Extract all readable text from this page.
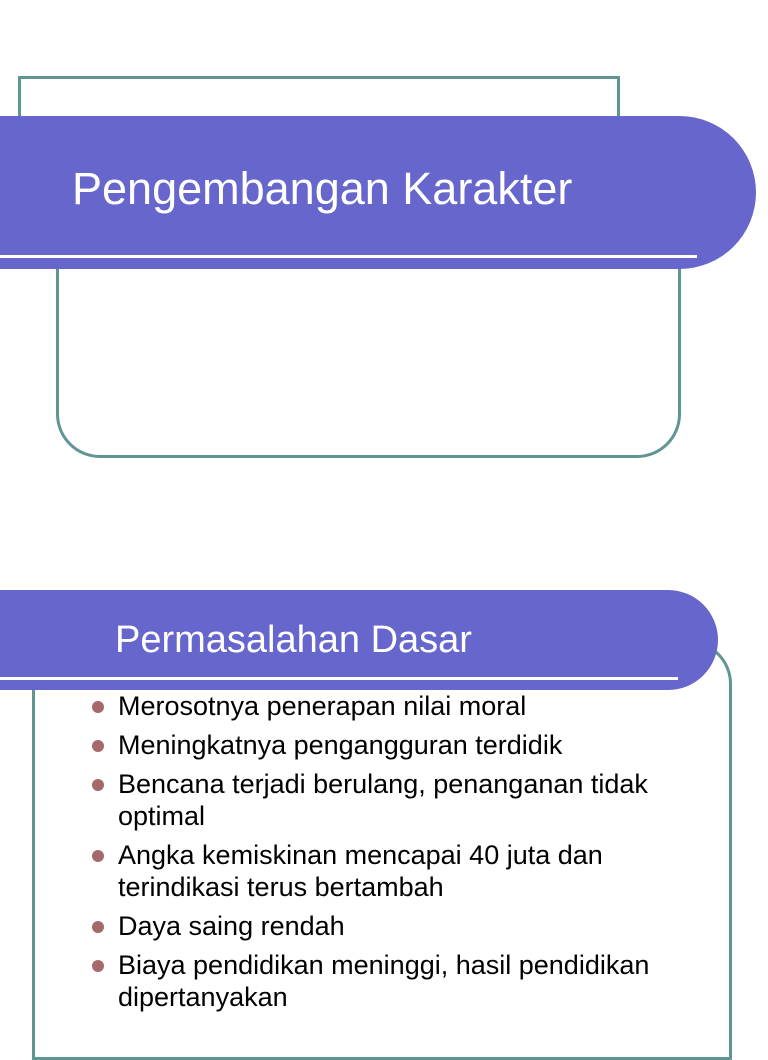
Pengembangan Karakter
Permasalahan Dasar
Merosotnya penerapan nilai moral
Meningkatnya pengangguran terdidik
Bencana terjadi berulang, penanganan tidak optimal
Angka kemiskinan mencapai 40 juta dan terindikasi terus bertambah
Daya saing rendah
Biaya pendidikan meninggi, hasil pendidikan dipertanyakan
